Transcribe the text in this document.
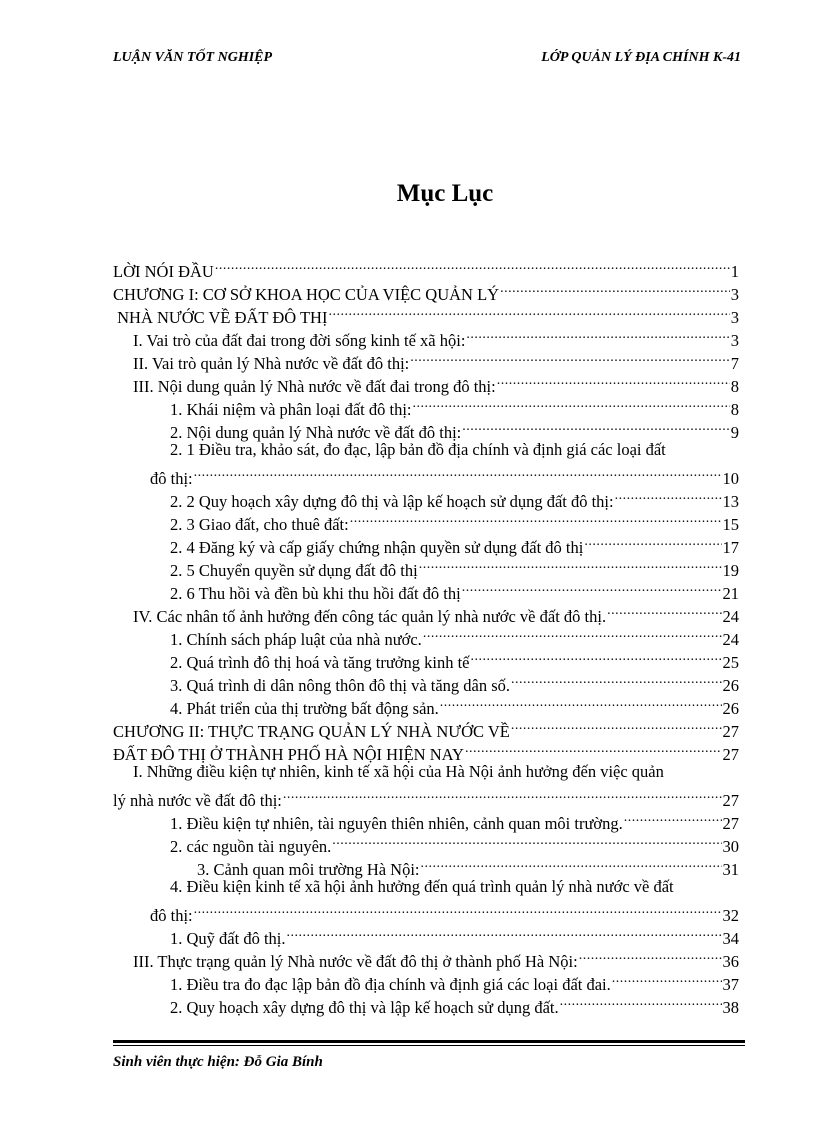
LUẬN VĂN TỐT NGHIỆP	LỚP QUẢN LÝ ĐỊA CHÍNH K-41
Mục Lục
LỜI NÓI ĐẦU .....	1
CHƯƠNG I: CƠ SỞ KHOA HỌC CỦA VIỆC QUẢN LÝ .....	3
NHÀ NƯỚC VỀ ĐẤT ĐÔ THỊ .....	3
I. Vai trò của đất đai trong đời sống kinh tế xã hội: .....	3
II. Vai trò quản lý Nhà nước về đất đô thị: .....	7
III. Nội dung quản lý Nhà nước về đất đai trong đô thị: .....	8
1. Khái niệm và phân loại đất đô thị: .....	8
2. Nội dung quản lý Nhà nước về đất đô thị: .....	9
2. 1 Điều tra, khảo sát, đo đạc, lập bản đồ địa chính và định giá các loại đất
đô thị: .....	10
2. 2 Quy hoạch xây dựng đô thị và lập kế hoạch sử dụng đất đô thị: .....	13
2. 3 Giao đất, cho thuê đất: .....	15
2. 4 Đăng ký và cấp giấy chứng nhận quyền sử dụng đất đô thị .....	17
2. 5 Chuyển quyền sử dụng đất đô thị .....	19
2. 6 Thu hồi và đền bù khi thu hồi đất đô thị .....	21
IV. Các nhân tố ảnh hưởng đến công tác quản lý nhà nước về đất đô thị. .....	24
1. Chính sách pháp luật của nhà nước. .....	24
2. Quá trình đô thị hoá và tăng trưởng kinh tế .....	25
3. Quá trình di dân nông thôn đô thị và tăng dân số. .....	26
4. Phát triển của thị trường bất động sản. .....	26
CHƯƠNG II: THỰC TRẠNG QUẢN LÝ NHÀ NƯỚC VỀ .....	27
ĐẤT ĐÔ THỊ Ở THÀNH PHỐ HÀ NỘI HIỆN NAY .....	27
I. Những điều kiện tự nhiên, kinh tế xã hội của Hà Nội ảnh hưởng đến việc quản
lý nhà nước về đất đô thị: .....	27
1. Điều kiện tự nhiên, tài nguyên thiên nhiên, cảnh quan môi trường. .....	27
2. các nguồn tài nguyên. .....	30
3. Cảnh quan môi trường Hà Nội: .....	31
4. Điều kiện kinh tế xã hội ảnh hưởng đến quá trình quản lý nhà nước về đất
đô thị: .....	32
1. Quỹ đất đô thị. .....	34
III. Thực trạng quản lý Nhà nước về đất đô thị ở thành phố Hà Nội: .....	36
1. Điều tra đo đạc lập bản đồ địa chính và định giá các loại đất đai. .....	37
2. Quy hoạch xây dựng đô thị và lập kế hoạch sử dụng đất. .....	38
Sinh viên thực hiện: Đỗ Gia Bính
